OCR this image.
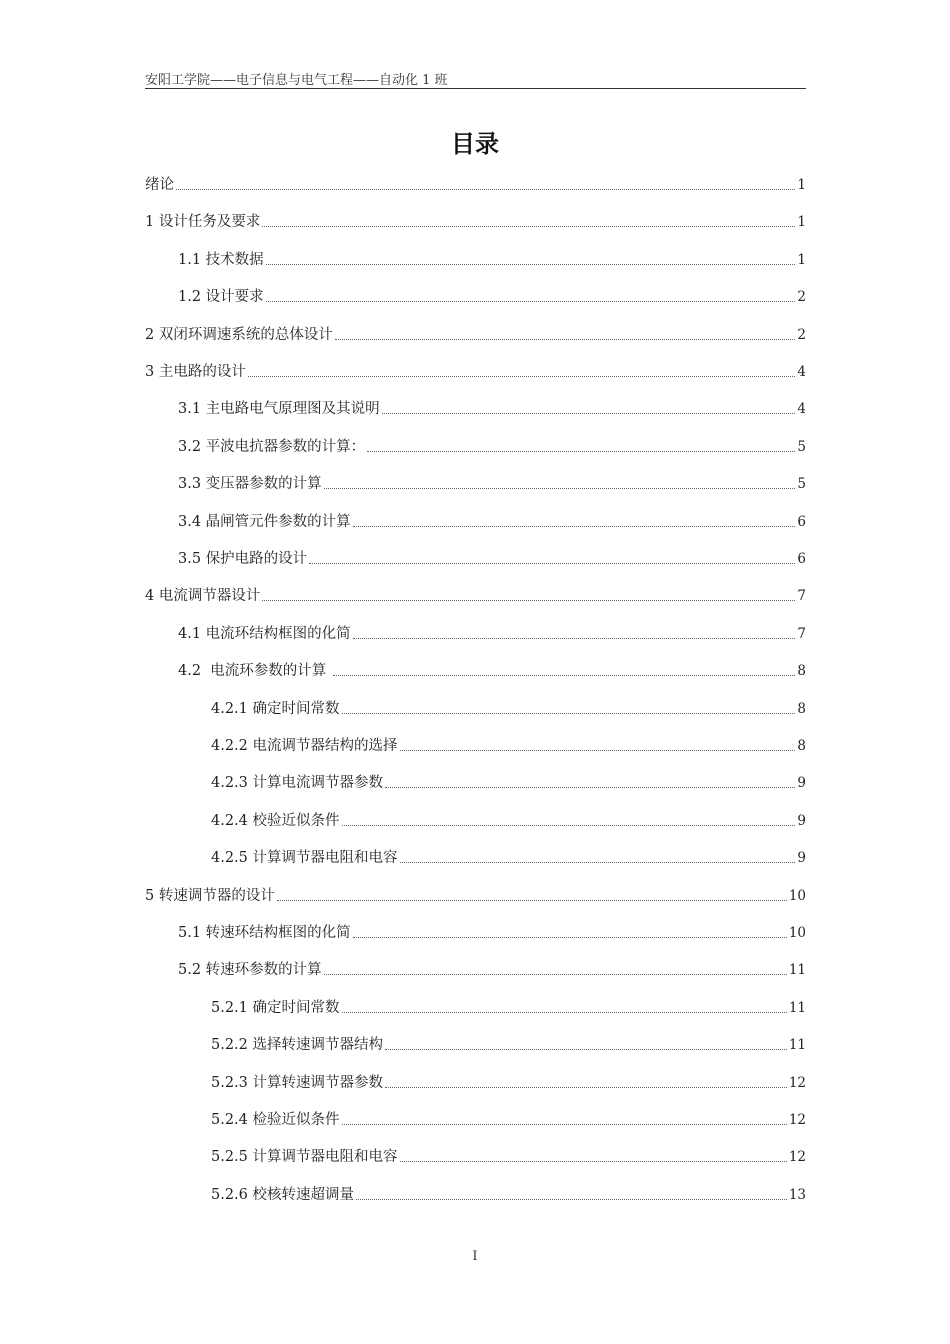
安阳工学院——电子信息与电气工程——自动化 1 班
目录
绪论	1
1 设计任务及要求	1
1.1 技术数据	1
1.2 设计要求	2
2 双闭环调速系统的总体设计	2
3 主电路的设计	4
3.1 主电路电气原理图及其说明	4
3.2 平波电抗器参数的计算：	5
3.3 变压器参数的计算	5
3.4 晶闸管元件参数的计算	6
3.5 保护电路的设计	6
4 电流调节器设计	7
4.1 电流环结构框图的化简	7
4.2  电流环参数的计算	8
4.2.1 确定时间常数	8
4.2.2 电流调节器结构的选择	8
4.2.3 计算电流调节器参数	9
4.2.4 校验近似条件	9
4.2.5 计算调节器电阻和电容	9
5 转速调节器的设计	10
5.1 转速环结构框图的化简	10
5.2 转速环参数的计算	11
5.2.1 确定时间常数	11
5.2.2 选择转速调节器结构	11
5.2.3 计算转速调节器参数	12
5.2.4 检验近似条件	12
5.2.5 计算调节器电阻和电容	12
5.2.6 校核转速超调量	13
I
